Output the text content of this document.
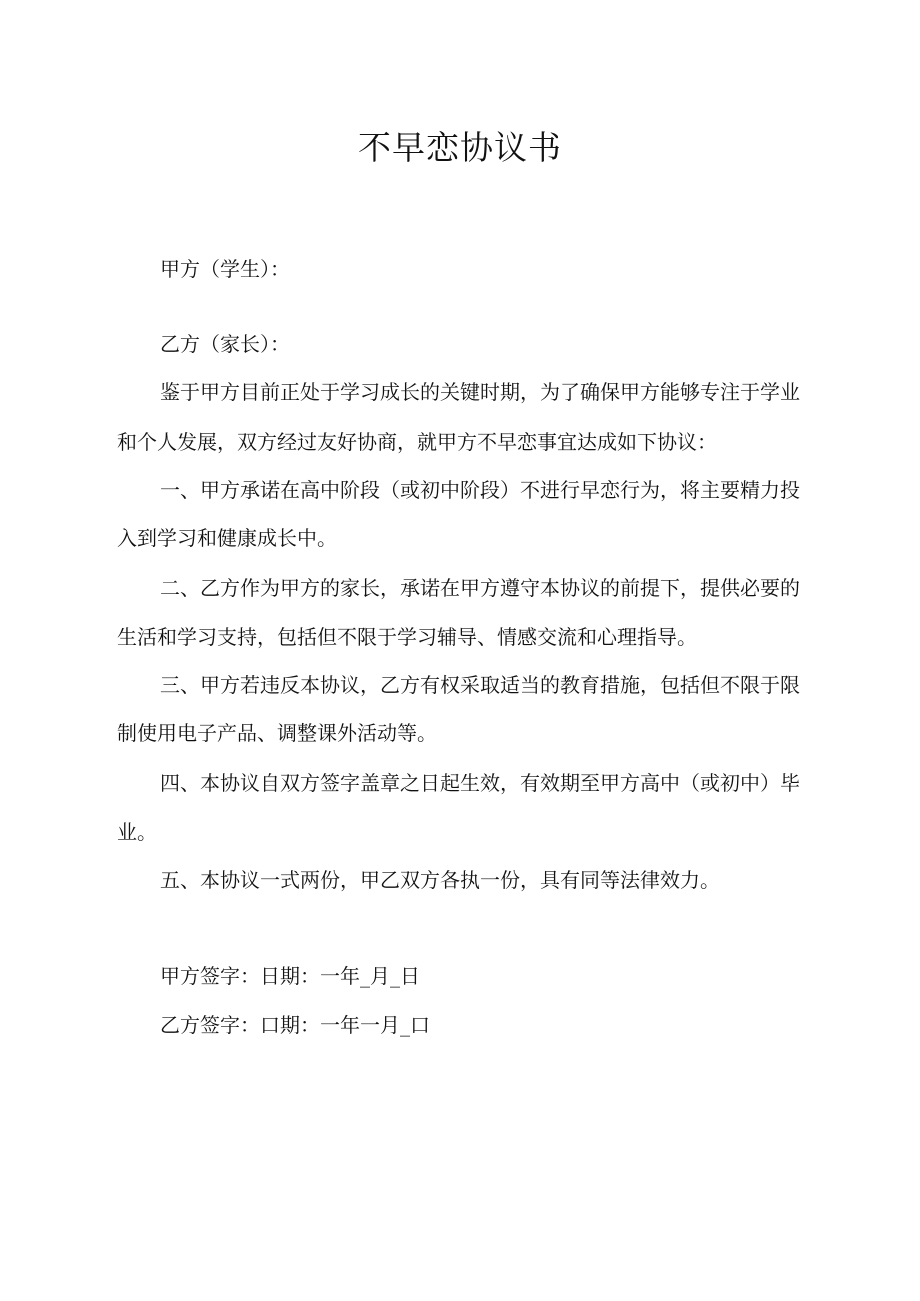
不早恋协议书
甲方（学生）：
乙方（家长）：
鉴于甲方目前正处于学习成长的关键时期，为了确保甲方能够专注于学业
和个人发展，双方经过友好协商，就甲方不早恋事宜达成如下协议：
一、甲方承诺在高中阶段（或初中阶段）不进行早恋行为，将主要精力投
入到学习和健康成长中。
二、乙方作为甲方的家长，承诺在甲方遵守本协议的前提下，提供必要的
生活和学习支持，包括但不限于学习辅导、情感交流和心理指导。
三、甲方若违反本协议，乙方有权采取适当的教育措施，包括但不限于限
制使用电子产品、调整课外活动等。
四、本协议自双方签字盖章之日起生效，有效期至甲方高中（或初中）毕
业。
五、本协议一式两份，甲乙双方各执一份，具有同等法律效力。
甲方签字：日期：一年_月_日
乙方签字：口期：一年一月_口
